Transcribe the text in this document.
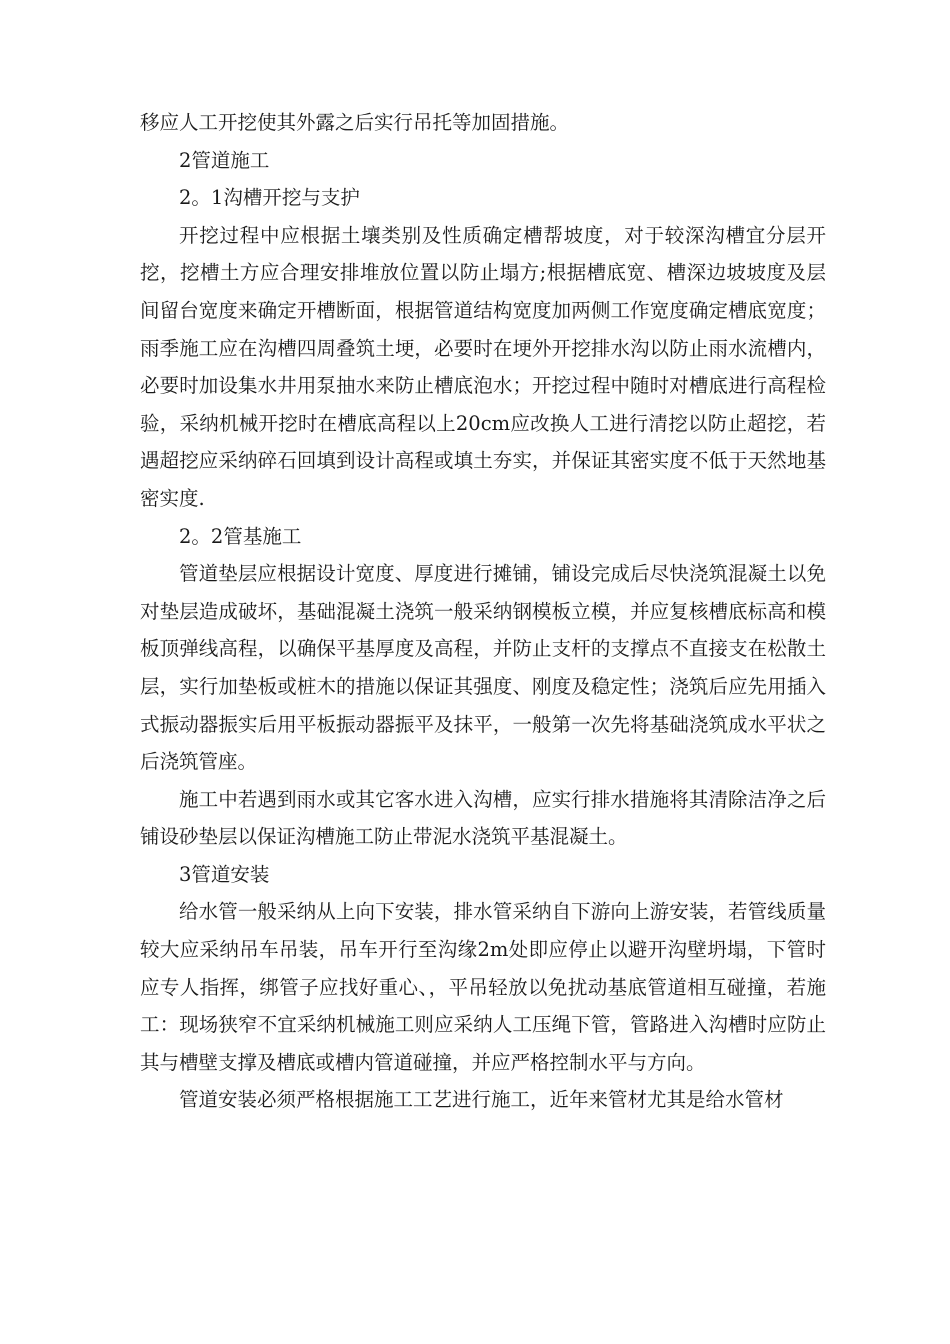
移应人工开挖使其外露之后实行吊托等加固措施。

2管道施工

2。1沟槽开挖与支护

开挖过程中应根据土壤类别及性质确定槽帮坡度，对于较深沟槽宜分层开挖，挖槽土方应合理安排堆放位置以防止塌方;根据槽底宽、槽深边坡坡度及层间留台宽度来确定开槽断面，根据管道结构宽度加两侧工作宽度确定槽底宽度；雨季施工应在沟槽四周叠筑土埂，必要时在埂外开挖排水沟以防止雨水流槽内，必要时加设集水井用泵抽水来防止槽底泡水；开挖过程中随时对槽底进行高程检验，采纳机械开挖时在槽底高程以上20cm应改换人工进行清挖以防止超挖，若遇超挖应采纳碎石回填到设计高程或填土夯实，并保证其密实度不低于天然地基密实度.

2。2管基施工

管道垫层应根据设计宽度、厚度进行摊铺，铺设完成后尽快浇筑混凝土以免对垫层造成破坏，基础混凝土浇筑一般采纳钢模板立模，并应复核槽底标高和模板顶弹线高程，以确保平基厚度及高程，并防止支杆的支撑点不直接支在松散土层，实行加垫板或桩木的措施以保证其强度、刚度及稳定性；浇筑后应先用插入式振动器振实后用平板振动器振平及抹平，一般第一次先将基础浇筑成水平状之后浇筑管座。

施工中若遇到雨水或其它客水进入沟槽，应实行排水措施将其清除洁净之后铺设砂垫层以保证沟槽施工防止带泥水浇筑平基混凝土。

3管道安装

给水管一般采纳从上向下安装，排水管采纳自下游向上游安装，若管线质量较大应采纳吊车吊装，吊车开行至沟缘2m处即应停止以避开沟壁坍塌，下管时应专人指挥，绑管子应找好重心、，平吊轻放以免扰动基底管道相互碰撞，若施工：现场狭窄不宜采纳机械施工则应采纳人工压绳下管，管路进入沟槽时应防止其与槽壁支撑及槽底或槽内管道碰撞，并应严格控制水平与方向。

管道安装必须严格根据施工工艺进行施工，近年来管材尤其是给水管材
